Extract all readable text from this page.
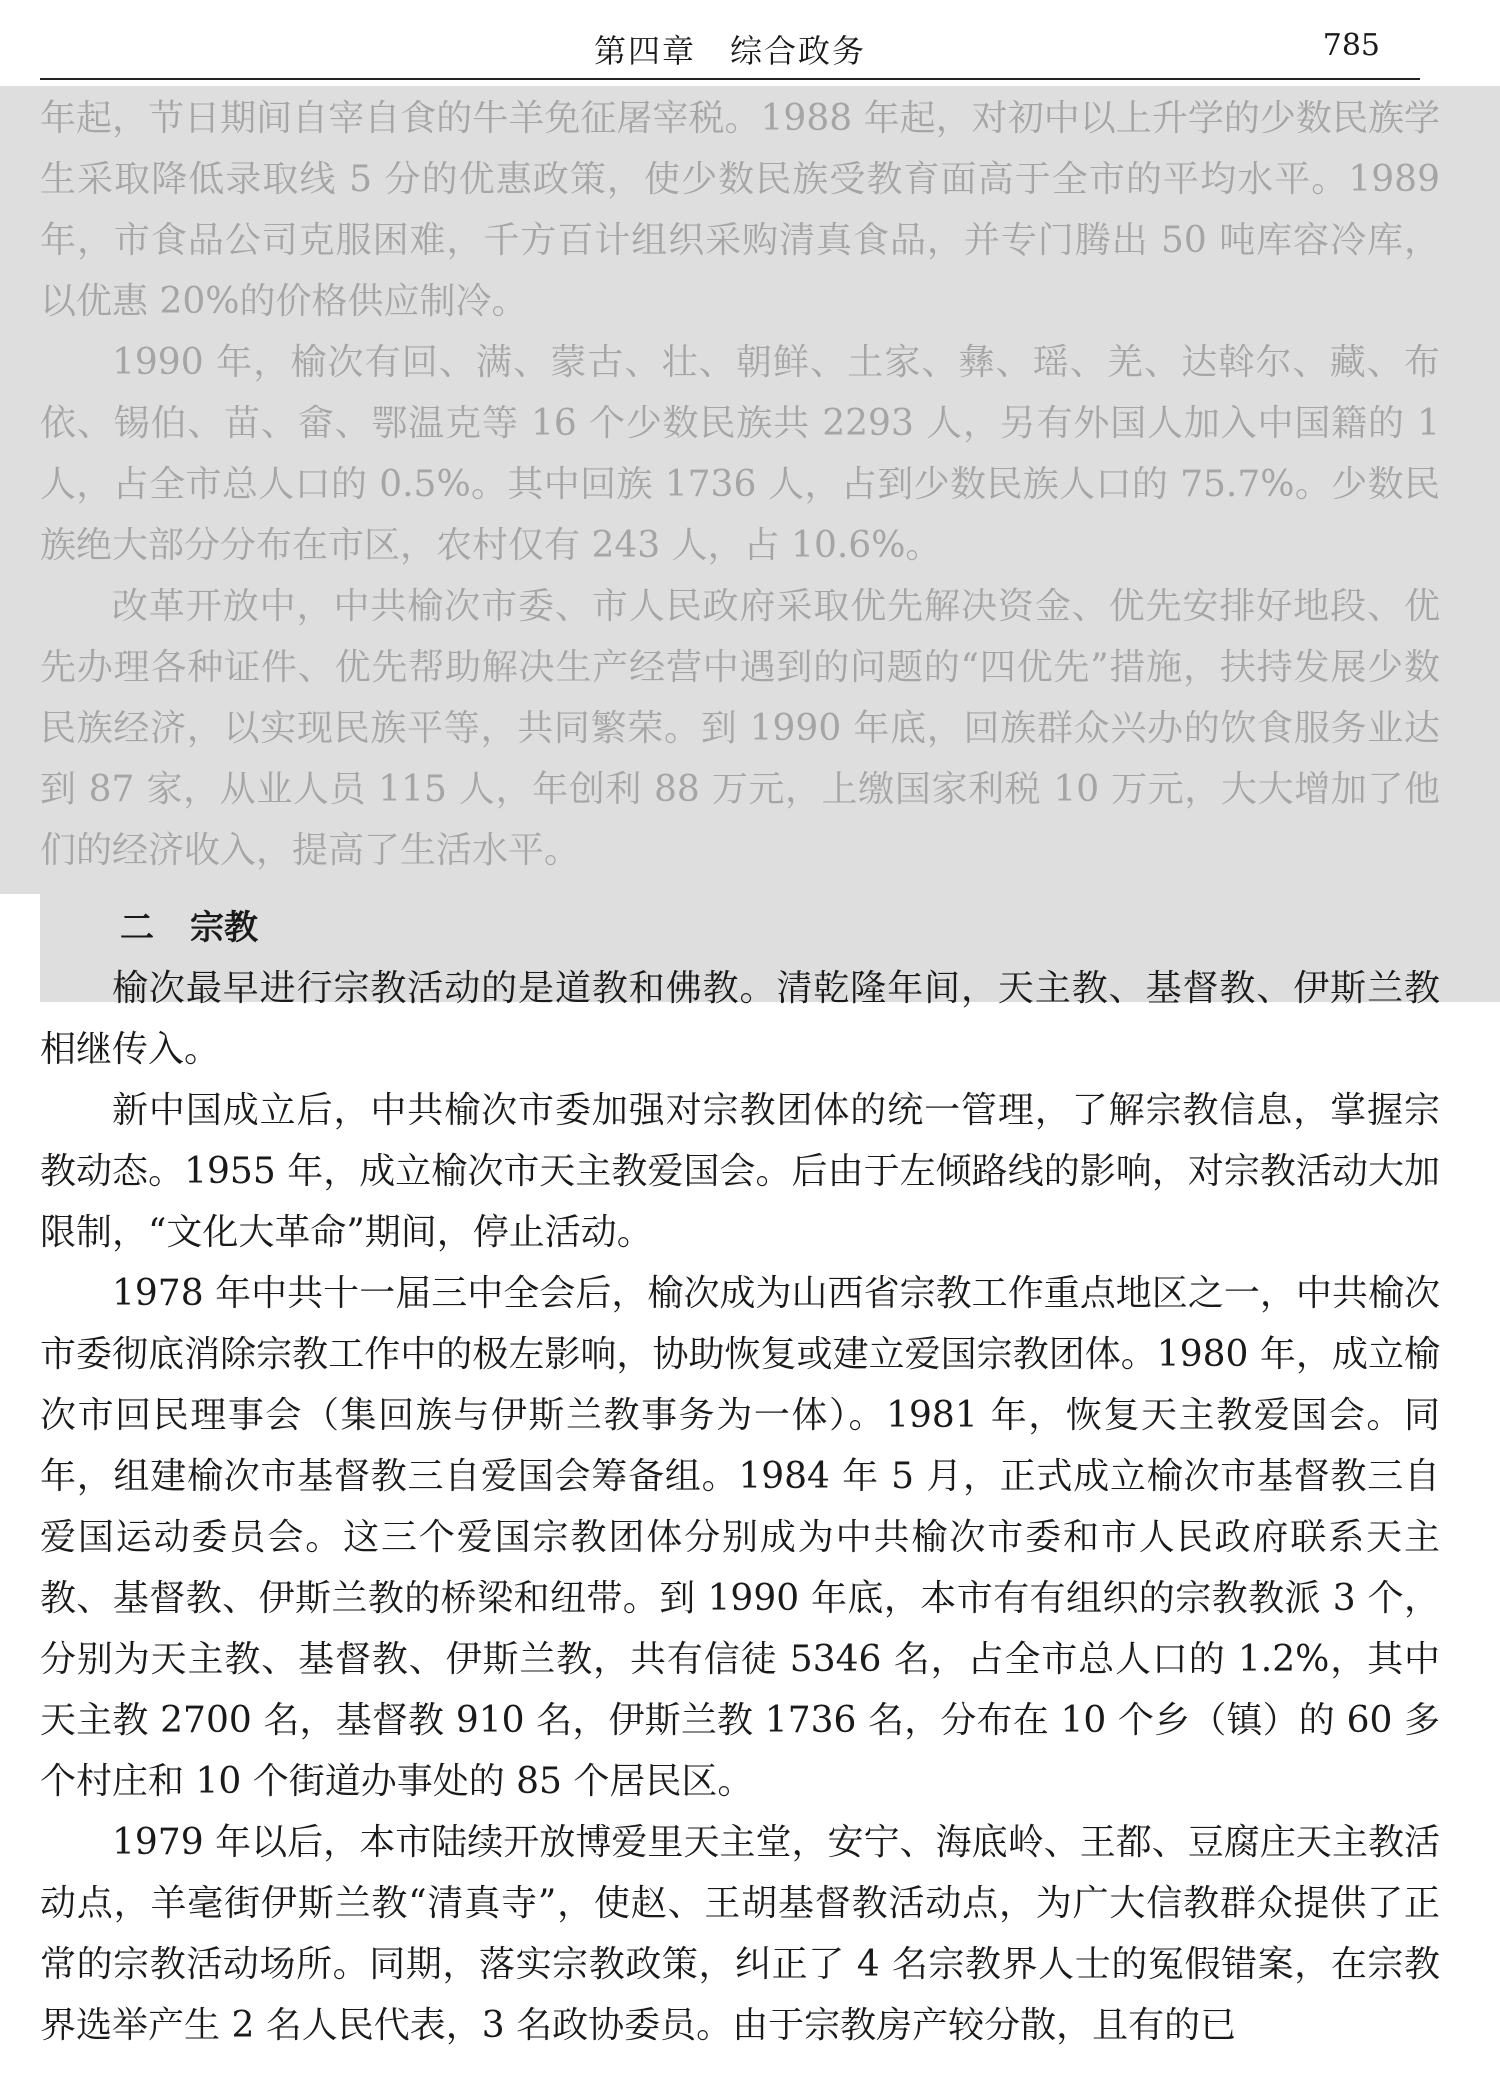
第四章　综合政务	785

年起，节日期间自宰自食的牛羊免征屠宰税。1988 年起，对初中以上升学的少数民族学生采取降低录取线 5 分的优惠政策，使少数民族受教育面高于全市的平均水平。1989 年，市食品公司克服困难，千方百计组织采购清真食品，并专门腾出 50 吨库容冷库，以优惠 20%的价格供应制冷。

1990 年，榆次有回、满、蒙古、壮、朝鲜、土家、彝、瑶、羌、达斡尔、藏、布依、锡伯、苗、畲、鄂温克等 16 个少数民族共 2293 人，另有外国人加入中国籍的 1 人，占全市总人口的 0.5%。其中回族 1736 人，占到少数民族人口的 75.7%。少数民族绝大部分分布在市区，农村仅有 243 人，占 10.6%。

改革开放中，中共榆次市委、市人民政府采取优先解决资金、优先安排好地段、优先办理各种证件、优先帮助解决生产经营中遇到的问题的“四优先”措施，扶持发展少数民族经济，以实现民族平等，共同繁荣。到 1990 年底，回族群众兴办的饮食服务业达到 87 家，从业人员 115 人，年创利 88 万元，上缴国家利税 10 万元，大大增加了他们的经济收入，提高了生活水平。

二 宗教

榆次最早进行宗教活动的是道教和佛教。清乾隆年间，天主教、基督教、伊斯兰教相继传入。

新中国成立后，中共榆次市委加强对宗教团体的统一管理，了解宗教信息，掌握宗教动态。1955 年，成立榆次市天主教爱国会。后由于左倾路线的影响，对宗教活动大加限制，“文化大革命”期间，停止活动。

1978 年中共十一届三中全会后，榆次成为山西省宗教工作重点地区之一，中共榆次市委彻底消除宗教工作中的极左影响，协助恢复或建立爱国宗教团体。1980 年，成立榆次市回民理事会（集回族与伊斯兰教事务为一体）。1981 年，恢复天主教爱国会。同年，组建榆次市基督教三自爱国会筹备组。1984 年 5 月，正式成立榆次市基督教三自爱国运动委员会。这三个爱国宗教团体分别成为中共榆次市委和市人民政府联系天主教、基督教、伊斯兰教的桥梁和纽带。到 1990 年底，本市有有组织的宗教教派 3 个，分别为天主教、基督教、伊斯兰教，共有信徒 5346 名，占全市总人口的 1.2%，其中天主教 2700 名，基督教 910 名，伊斯兰教 1736 名，分布在 10 个乡（镇）的 60 多个村庄和 10 个街道办事处的 85 个居民区。

1979 年以后，本市陆续开放博爱里天主堂，安宁、海底岭、王都、豆腐庄天主教活动点，羊毫街伊斯兰教“清真寺”，使赵、王胡基督教活动点，为广大信教群众提供了正常的宗教活动场所。同期，落实宗教政策，纠正了 4 名宗教界人士的冤假错案，在宗教界选举产生 2 名人民代表，3 名政协委员。由于宗教房产较分散，且有的已
